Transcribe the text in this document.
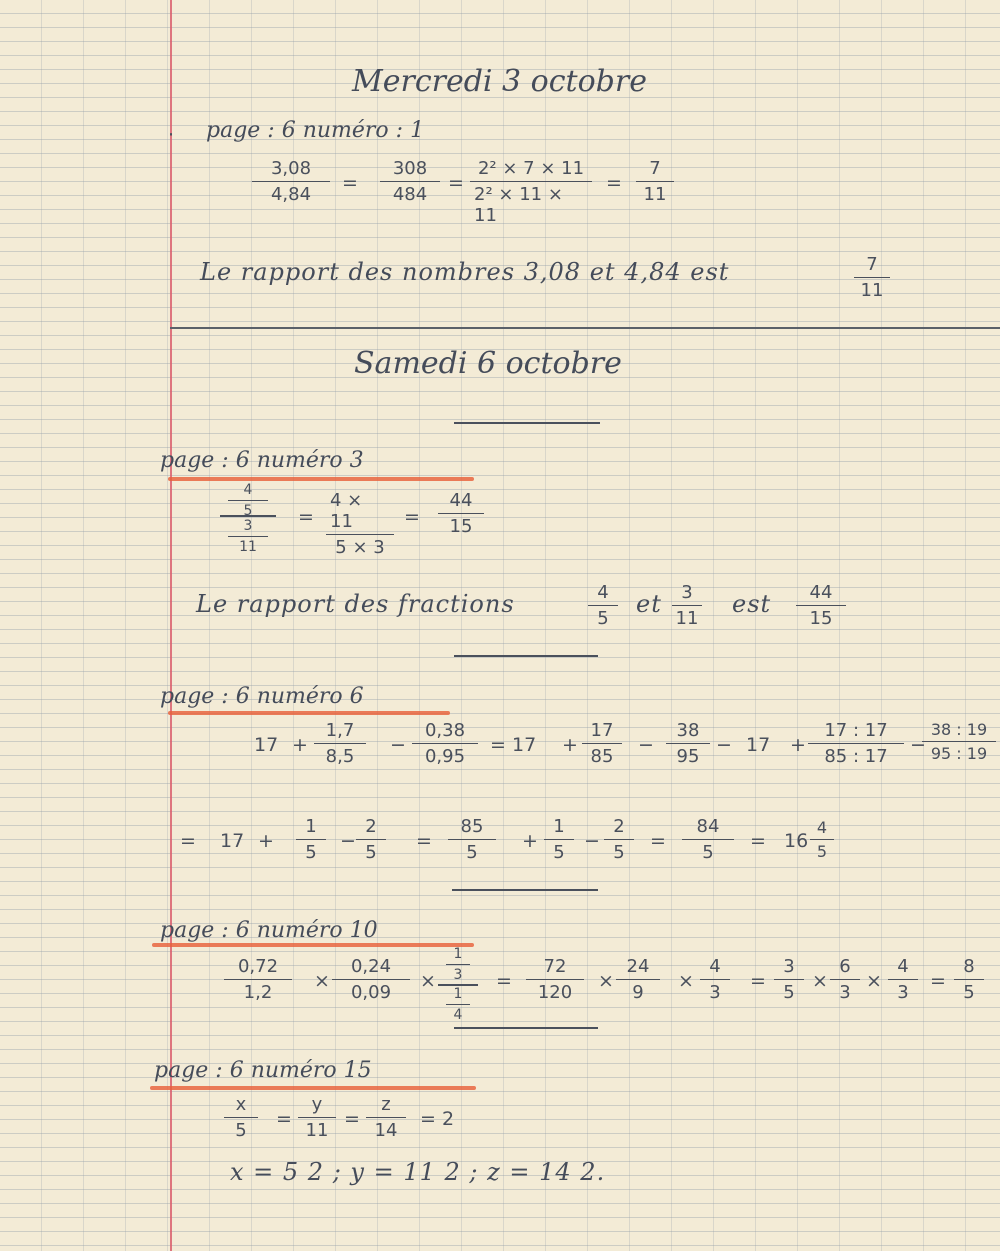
Mercredi 3 octobre
· page : 6 numéro : 1
3,08
4,84
=
308
484
=
2² × 7 × 11
2² × 11 × 11
=
7
11
Le rapport des nombres 3,08 et 4,84 est	7
11
Samedi 6 octobre
page : 6 numéro 3
4
5
3
11
=
4 × 11
5 × 3
=
44
15
Le rapport des fractions	4
5
et 3
11
est 44
15
page : 6 numéro 6
17 +
1,7
8,5
−
0,38
0,95
= 17 +
17
85
−
38
95
− 17 +
17 : 17
85 : 17
−
38 : 19
95 : 19
= 17 +
1
5
−
2
5
=
85
5
+
1
5
−
2
5
=
84
5
= 16
4
5
page : 6 numéro 10
0,72
1,2
×
0,24
0,09
×
1
3
1
4
=
72
120
×
24
9
×
4
3
=
3
5
×
6
3
×
4
3
=
8
5
page : 6 numéro 15
x
5
=
y
11
=
z
14
= 2
x = 5 2 ; y = 11 2 ; z = 14 2.
